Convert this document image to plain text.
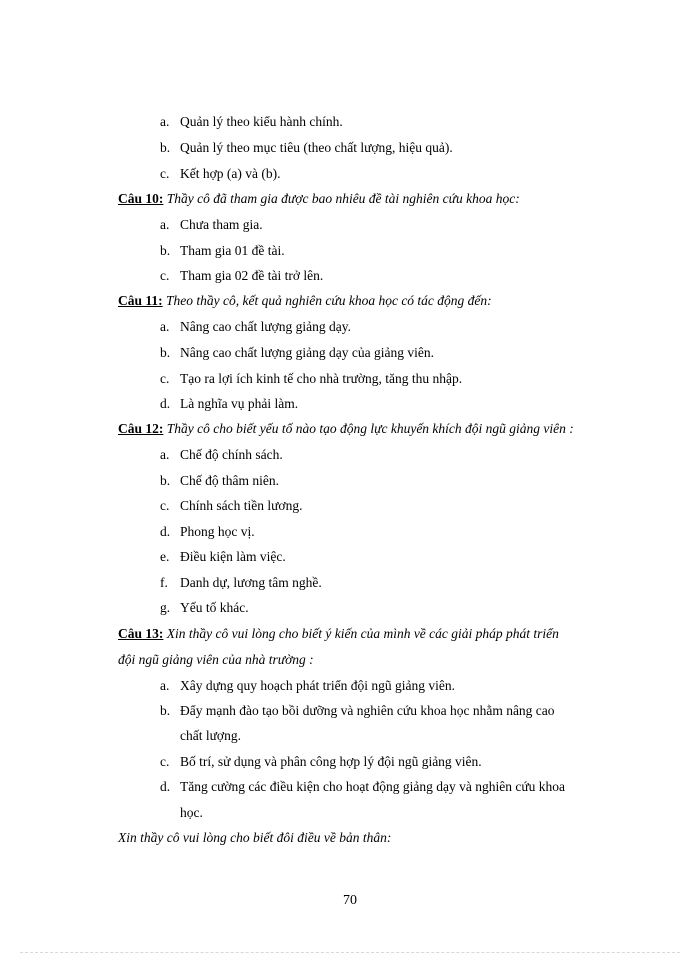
a. Quản lý theo kiểu hành chính.
b. Quản lý theo mục tiêu (theo chất lượng, hiệu quả).
c. Kết hợp (a) và (b).
Câu 10: Thầy cô đã tham gia được bao nhiêu đề tài nghiên cứu khoa học:
a. Chưa tham gia.
b. Tham gia 01 đề tài.
c. Tham gia 02 đề tài trở lên.
Câu 11: Theo thầy cô, kết quả nghiên cứu khoa học có tác động đến:
a. Nâng cao chất lượng giảng dạy.
b. Nâng cao chất lượng giảng dạy của giảng viên.
c. Tạo ra lợi ích kinh tế cho nhà trường, tăng thu nhập.
d. Là nghĩa vụ phải làm.
Câu 12: Thầy cô cho biết yếu tố nào tạo động lực khuyến khích đội ngũ giảng viên :
a. Chế độ chính sách.
b. Chế độ thâm niên.
c. Chính sách tiền lương.
d. Phong học vị.
e. Điều kiện làm việc.
f. Danh dự, lương tâm nghề.
g. Yếu tố khác.
Câu 13: Xin thầy cô vui lòng cho biết ý kiến của mình về các giải pháp phát triển
đội ngũ giảng viên của nhà trường :
a. Xây dựng quy hoạch phát triển đội ngũ giảng viên.
b. Đẩy mạnh đào tạo bồi dưỡng và nghiên cứu khoa học nhằm nâng cao
chất lượng.
c. Bố trí, sử dụng và phân công hợp lý đội ngũ giảng viên.
d. Tăng cường các điều kiện cho hoạt động giảng dạy và nghiên cứu khoa
học.
Xin thầy cô vui lòng cho biết đôi điều về bản thân:
70
